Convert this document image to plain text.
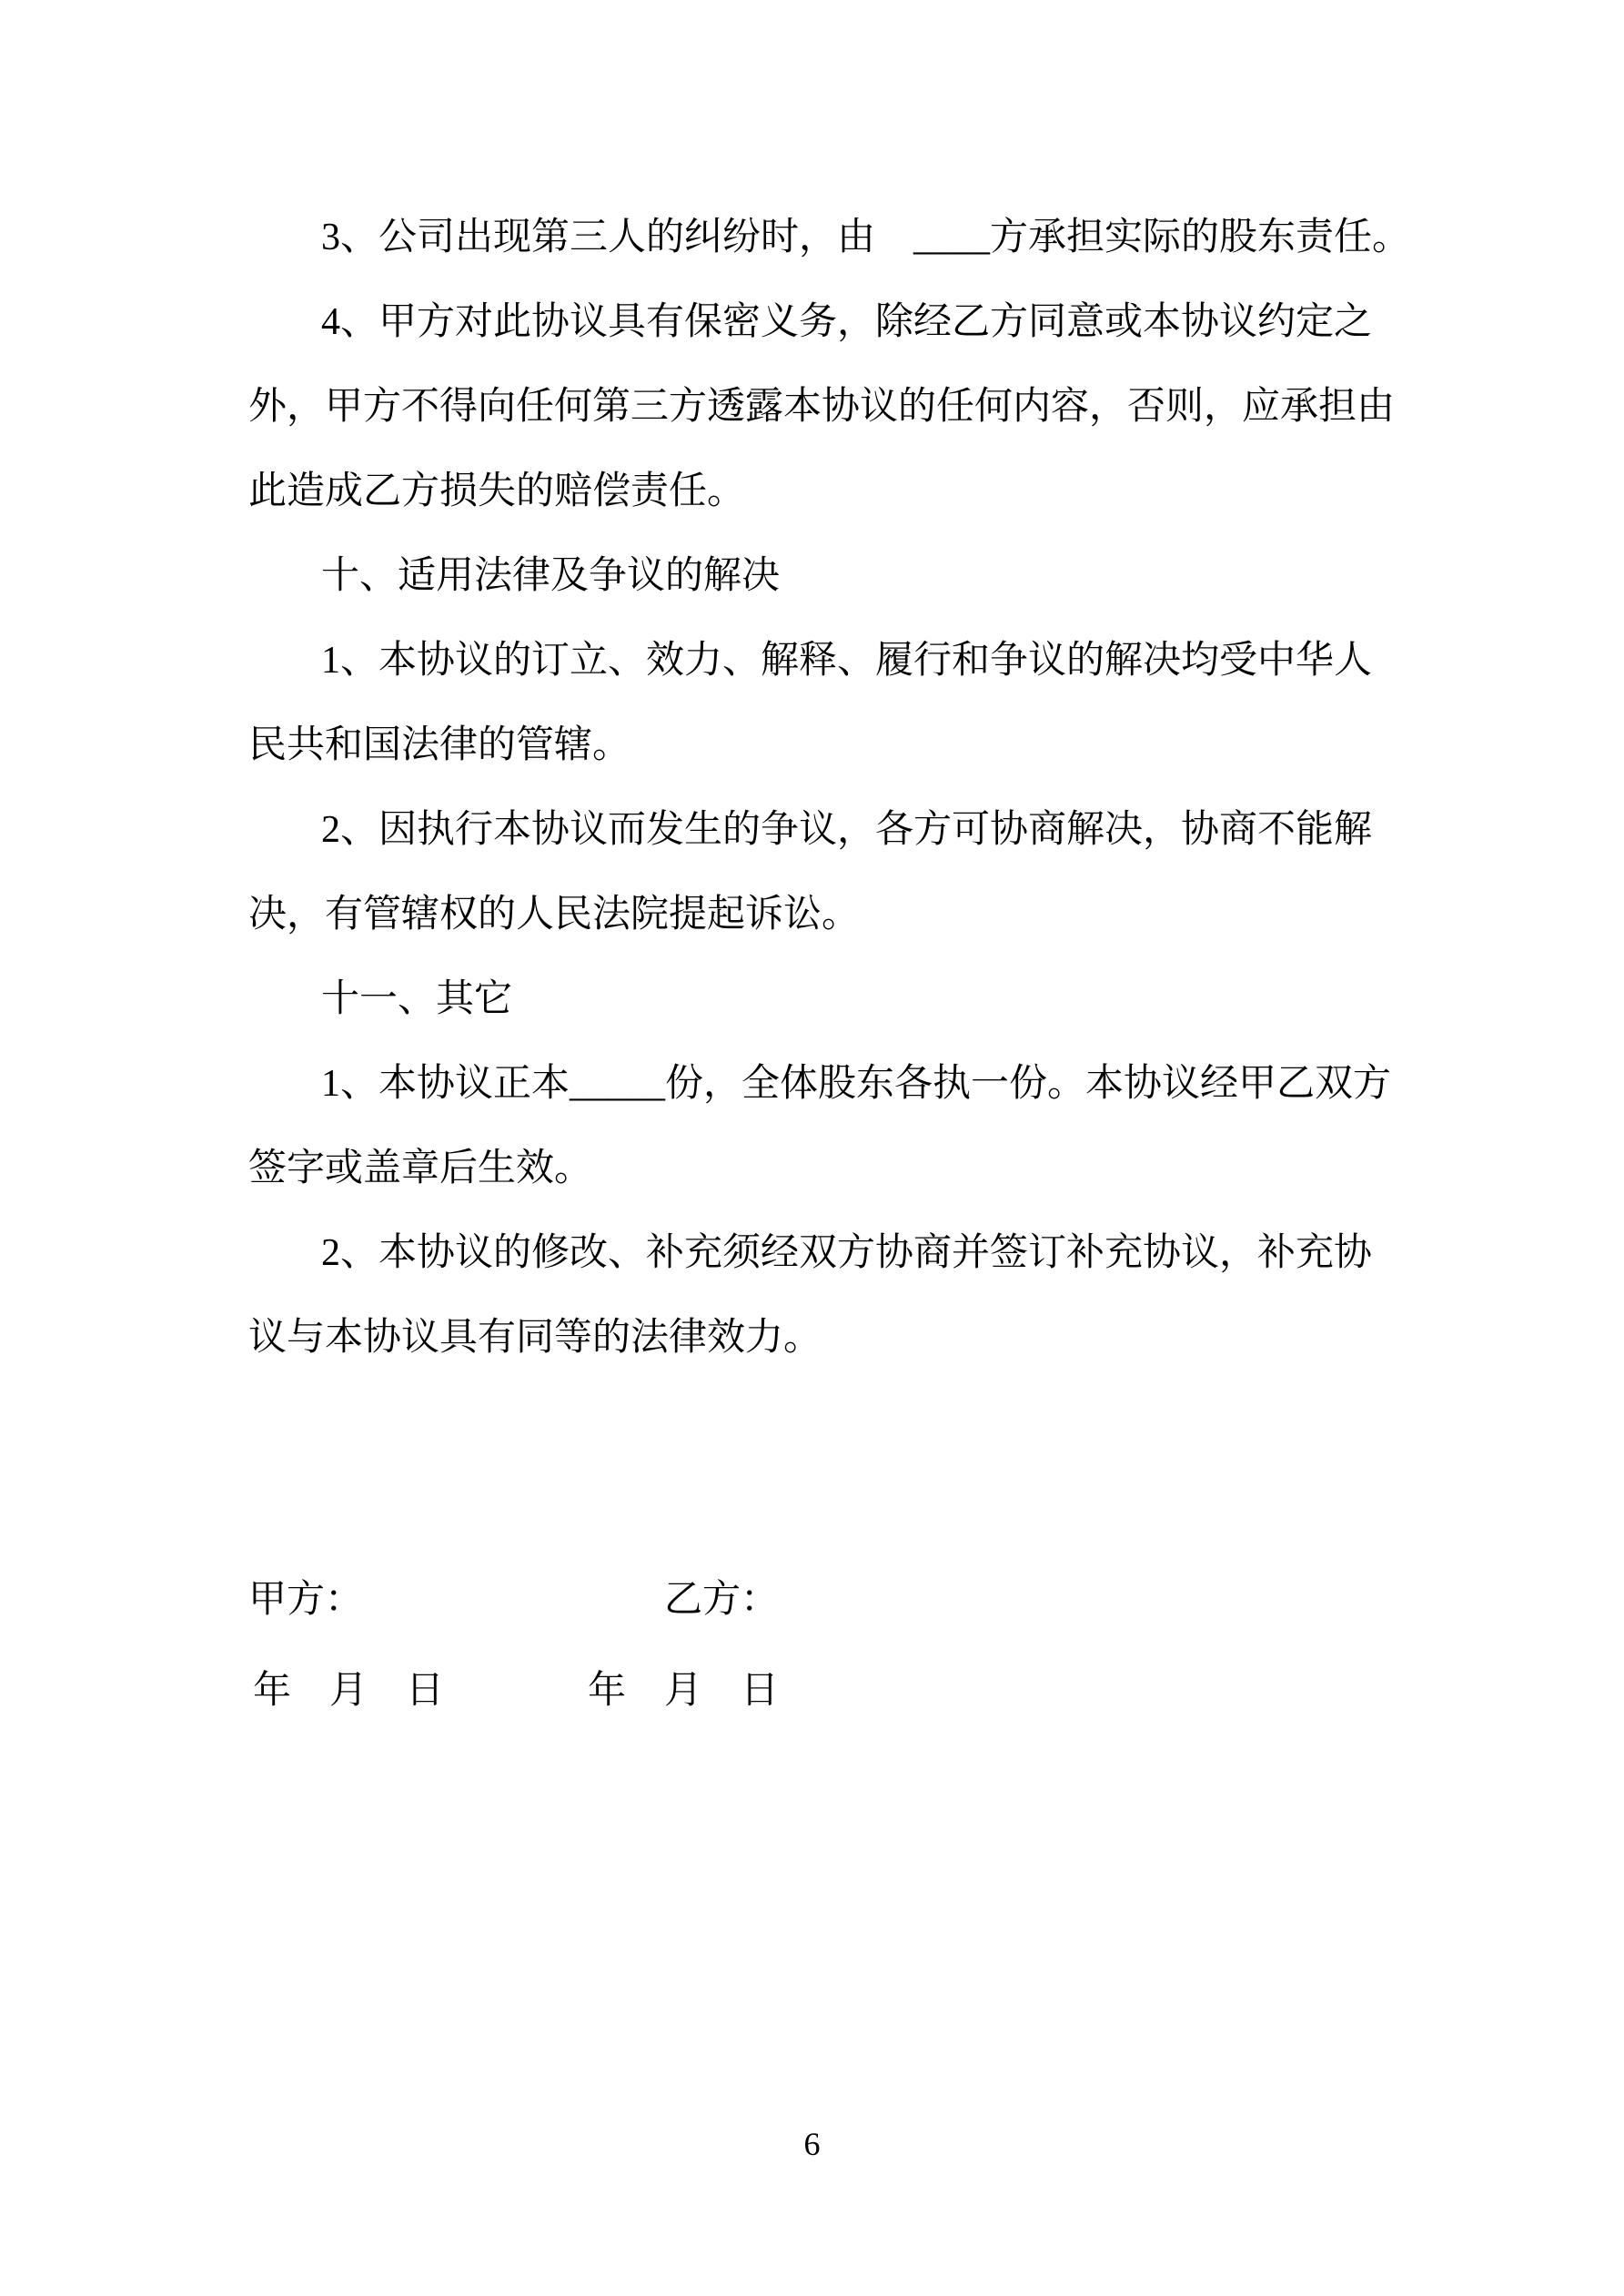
3、公司出现第三人的纠纷时，由　____方承担实际的股东责任。
4、甲方对此协议具有保密义务，除经乙方同意或本协议约定之
外，甲方不得向任何第三方透露本协议的任何内容，否则，应承担由
此造成乙方损失的赔偿责任。
十、适用法律及争议的解决
1、本协议的订立、效力、解释、履行和争议的解决均受中华人
民共和国法律的管辖。
2、因执行本协议而发生的争议，各方可协商解决，协商不能解
决，有管辖权的人民法院提起诉讼。
十一、其它
1、本协议正本_____份，全体股东各执一份。本协议经甲乙双方
签字或盖章后生效。
2、本协议的修改、补充须经双方协商并签订补充协议，补充协
议与本协议具有同等的法律效力。
甲方：	乙方：
年　月　日	年　月　日
6
